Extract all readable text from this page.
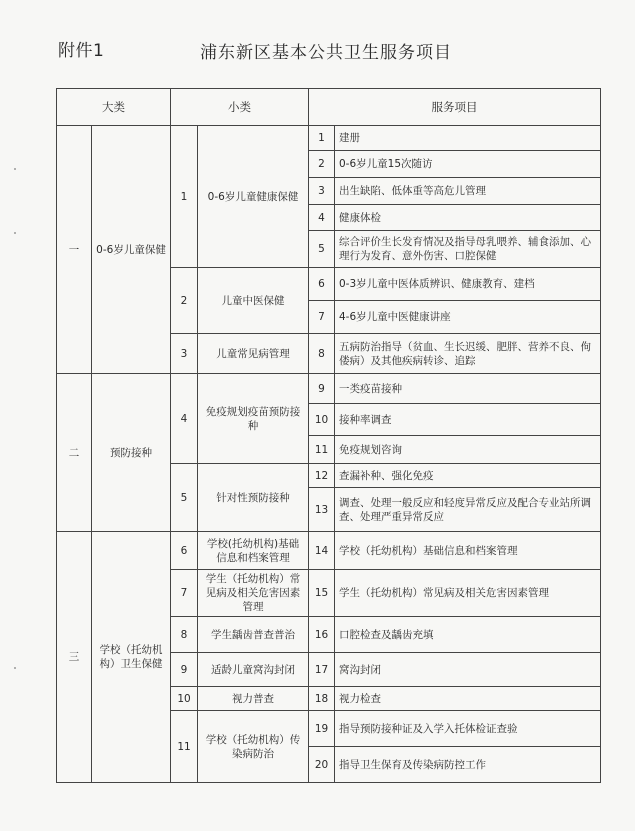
附件1	浦东新区基本公共卫生服务项目
大类		小类		服务项目	
一	0-6岁儿童保健	1	0-6岁儿童健康保健	1	建册
				2	0-6岁儿童15次随访
				3	出生缺陷、低体重等高危儿管理
				4	健康体检
				5	综合评价生长发育情况及指导母乳喂养、辅食添加、心理行为发育、意外伤害、口腔保健
		2	儿童中医保健	6	0-3岁儿童中医体质辨识、健康教育、建档
				7	4-6岁儿童中医健康讲座
		3	儿童常见病管理	8	五病防治指导（贫血、生长迟缓、肥胖、营养不良、佝偻病）及其他疾病转诊、追踪
二	预防接种	4	免疫规划疫苗预防接种	9	一类疫苗接种
				10	接种率调查
				11	免疫规划咨询
		5	针对性预防接种	12	查漏补种、强化免疫
				13	调查、处理一般反应和轻度异常反应及配合专业站所调查、处理严重异常反应
三	学校（托幼机构）卫生保健	6	学校(托幼机构)基础信息和档案管理	14	学校（托幼机构）基础信息和档案管理
		7	学生（托幼机构）常见病及相关危害因素管理	15	学生（托幼机构）常见病及相关危害因素管理
		8	学生龋齿普查普治	16	口腔检查及龋齿充填
		9	适龄儿童窝沟封闭	17	窝沟封闭
		10	视力普查	18	视力检查
		11	学校（托幼机构）传染病防治	19	指导预防接种证及入学入托体检证查验
				20	指导卫生保育及传染病防控工作
